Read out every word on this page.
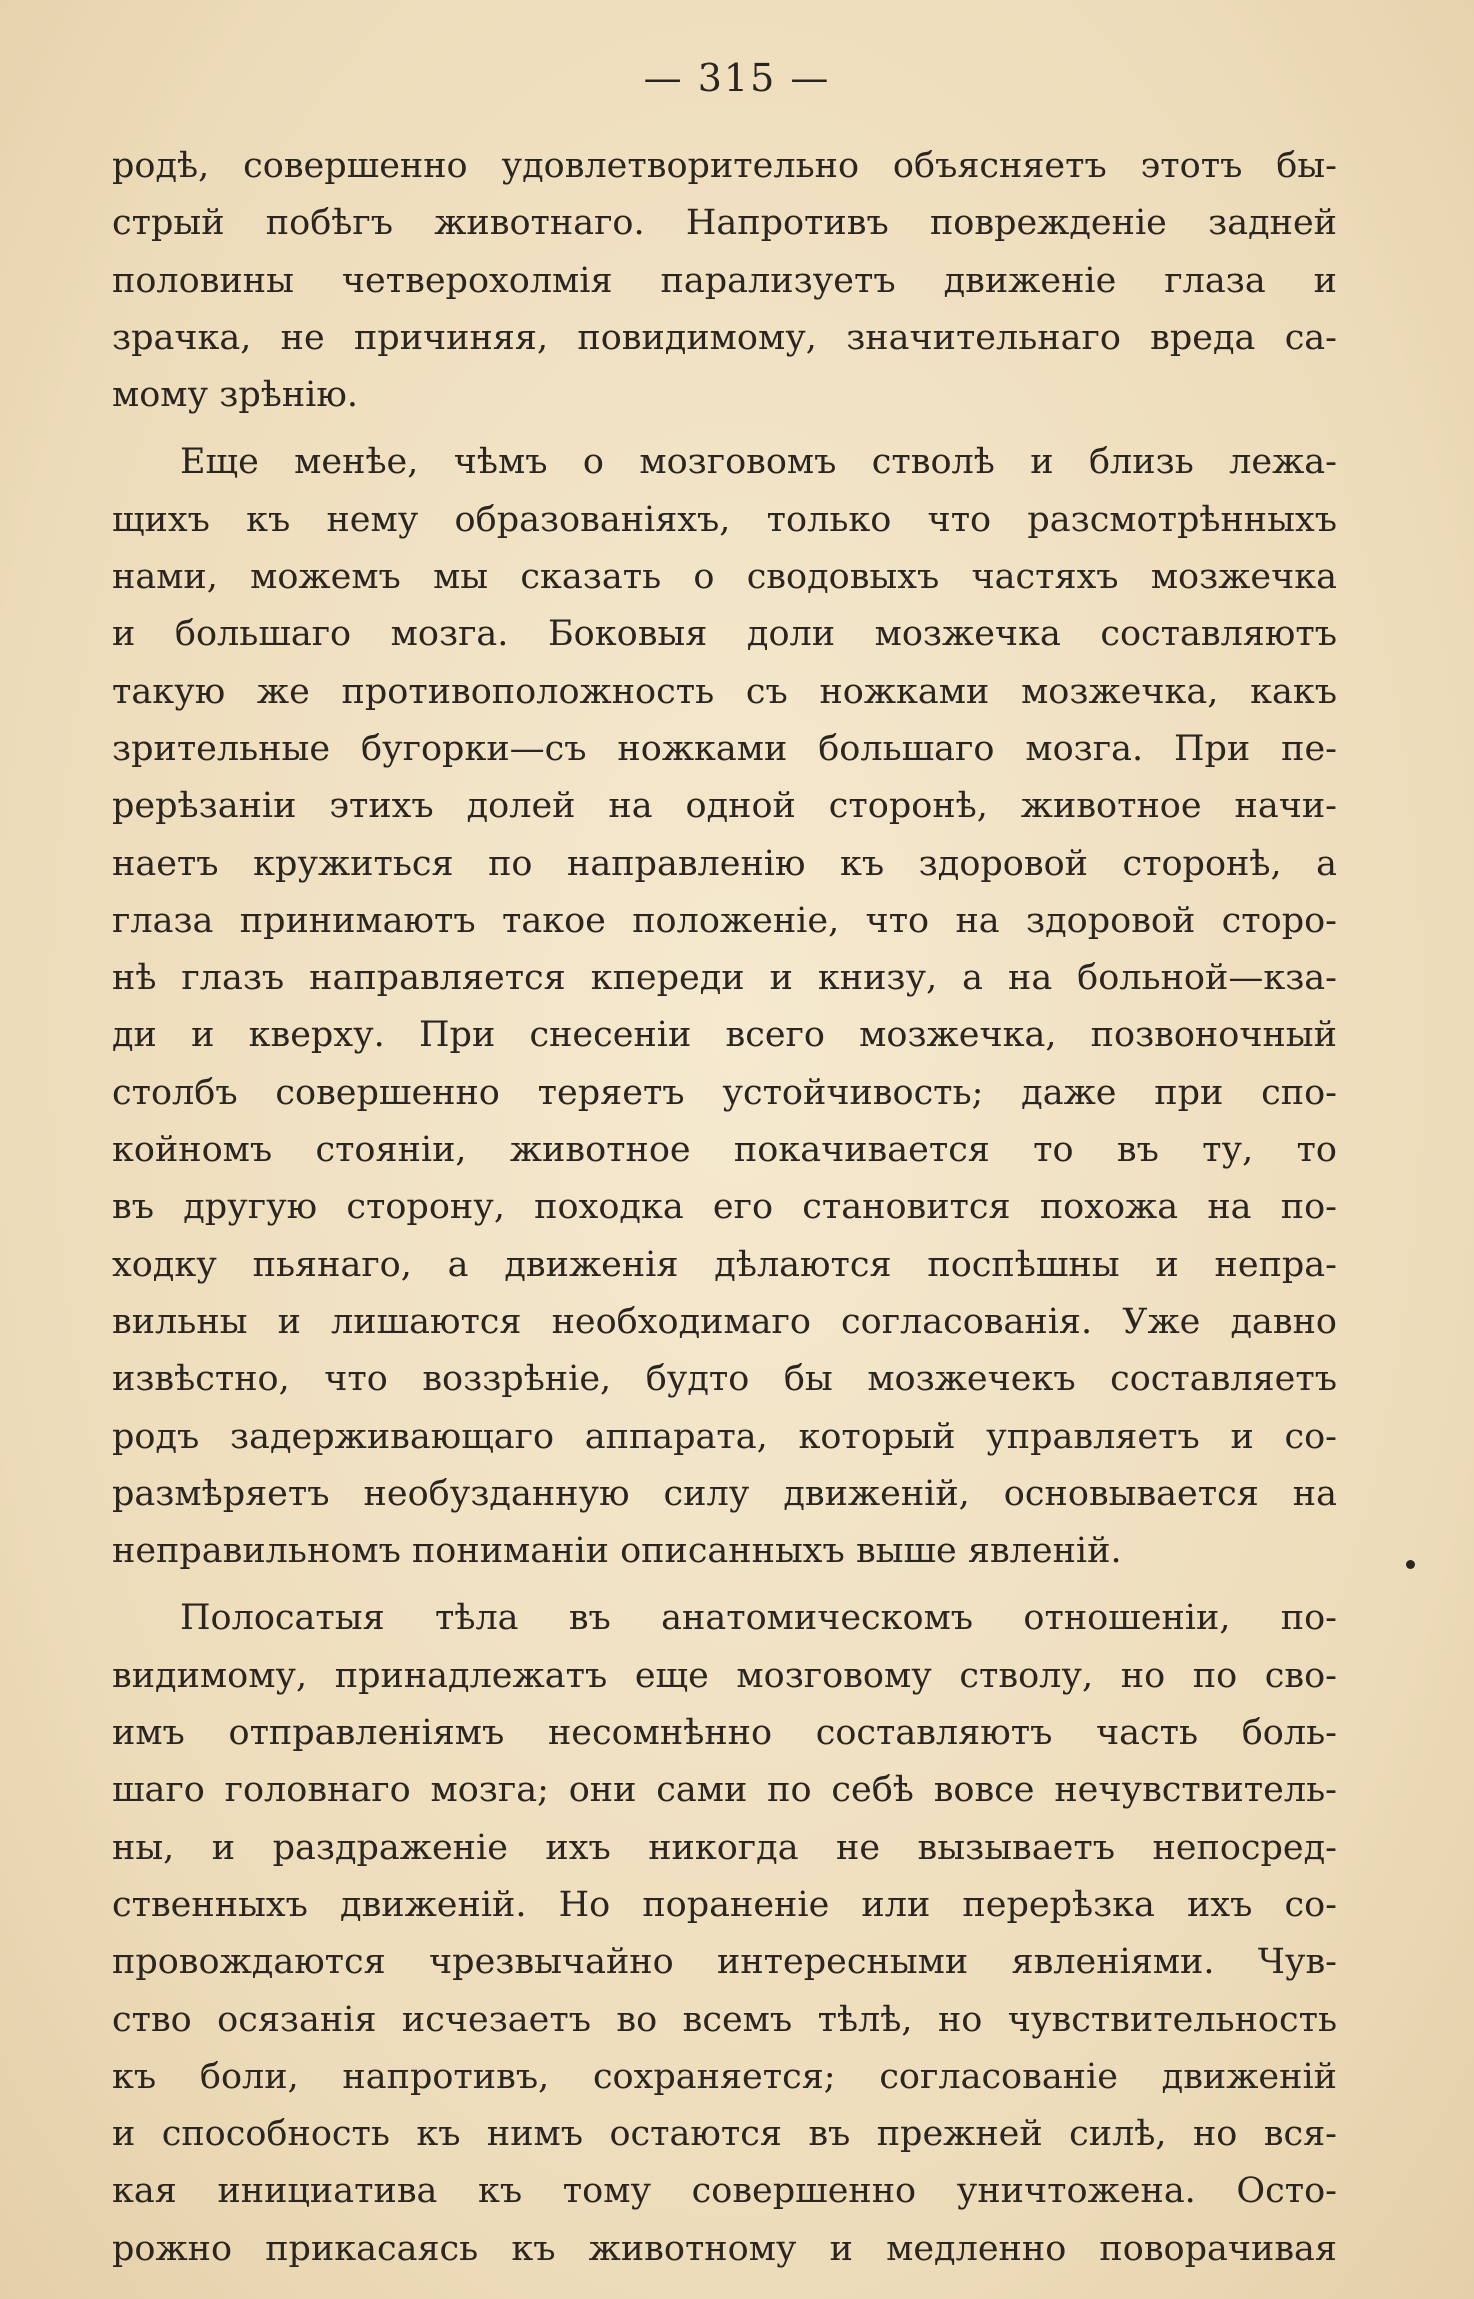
— 315 —
родѣ, совершенно удовлетворительно объясняетъ этотъ бы-
стрый побѣгъ животнаго. Напротивъ поврежденіе задней
половины четверохолмія парализуетъ движеніе глаза и
зрачка, не причиняя, повидимому, значительнаго вреда са-
мому зрѣнію.
Еще менѣе, чѣмъ о мозговомъ стволѣ и близь лежа-
щихъ къ нему образованіяхъ, только что разсмотрѣнныхъ
нами, можемъ мы сказать о сводовыхъ частяхъ мозжечка
и большаго мозга. Боковыя доли мозжечка составляютъ
такую же противоположность съ ножками мозжечка, какъ
зрительные бугорки—съ ножками большаго мозга. При пе-
рерѣзаніи этихъ долей на одной сторонѣ, животное начи-
наетъ кружиться по направленію къ здоровой сторонѣ, а
глаза принимаютъ такое положеніе, что на здоровой сторо-
нѣ глазъ направляется кпереди и книзу, а на больной—кза-
ди и кверху. При снесеніи всего мозжечка, позвоночный
столбъ совершенно теряетъ устойчивость; даже при спо-
койномъ стояніи, животное покачивается то въ ту, то
въ другую сторону, походка его становится похожа на по-
ходку пьянаго, а движенія дѣлаются поспѣшны и непра-
вильны и лишаются необходимаго согласованія. Уже давно
извѣстно, что воззрѣніе, будто бы мозжечекъ составляетъ
родъ задерживающаго аппарата, который управляетъ и со-
размѣряетъ необузданную силу движеній, основывается на
неправильномъ пониманіи описанныхъ выше явленій.
Полосатыя тѣла въ анатомическомъ отношеніи, по-
видимому, принадлежатъ еще мозговому стволу, но по сво-
имъ отправленіямъ несомнѣнно составляютъ часть боль-
шаго головнаго мозга; они сами по себѣ вовсе нечувствитель-
ны, и раздраженіе ихъ никогда не вызываетъ непосред-
ственныхъ движеній. Но пораненіе или перерѣзка ихъ со-
провождаются чрезвычайно интересными явленіями. Чув-
ство осязанія исчезаетъ во всемъ тѣлѣ, но чувствительность
къ боли, напротивъ, сохраняется; согласованіе движеній
и способность къ нимъ остаются въ прежней силѣ, но вся-
кая инициатива къ тому совершенно уничтожена. Осто-
рожно прикасаясь къ животному и медленно поворачивая
